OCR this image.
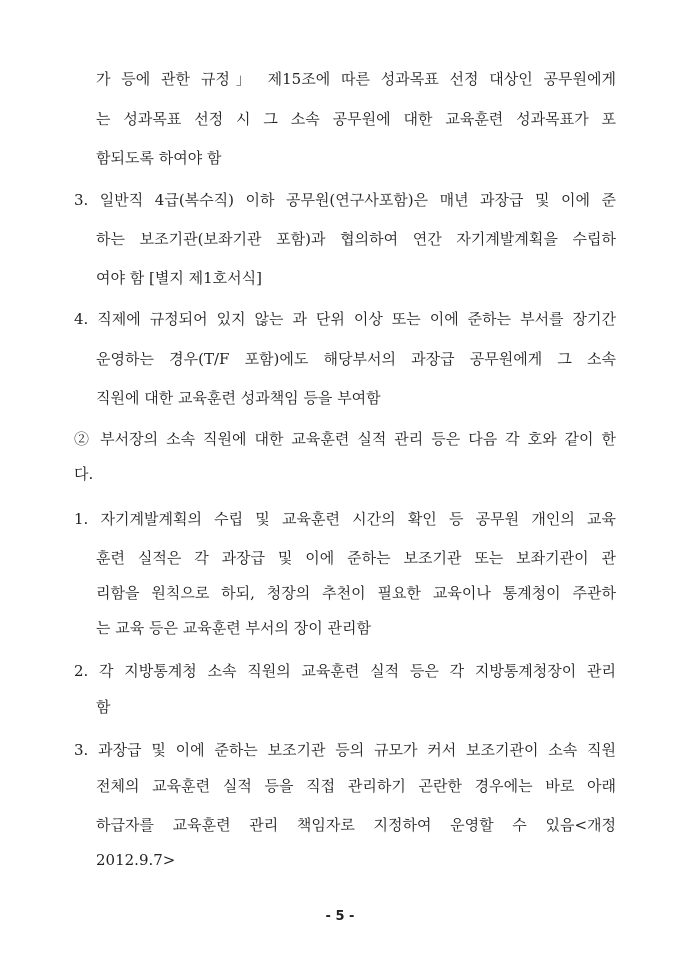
가 등에 관한 규정」 제15조에 따른 성과목표 선정 대상인 공무원에게
는 성과목표 선정 시 그 소속 공무원에 대한 교육훈련 성과목표가 포
함되도록 하여야 함
3. 일반직 4급(복수직) 이하 공무원(연구사포함)은 매년 과장급 및 이에 준
하는 보조기관(보좌기관 포함)과 협의하여 연간 자기계발계획을 수립하
여야 함 [별지 제1호서식]
4. 직제에 규정되어 있지 않는 과 단위 이상 또는 이에 준하는 부서를 장기간
운영하는 경우(T/F 포함)에도 해당부서의 과장급 공무원에게 그 소속
직원에 대한 교육훈련 성과책임 등을 부여함
② 부서장의 소속 직원에 대한 교육훈련 실적 관리 등은 다음 각 호와 같이 한
다.
1. 자기계발계획의 수립 및 교육훈련 시간의 확인 등 공무원 개인의 교육
훈련 실적은 각 과장급 및 이에 준하는 보조기관 또는 보좌기관이 관
리함을 원칙으로 하되, 청장의 추천이 필요한 교육이나 통계청이 주관하
는 교육 등은 교육훈련 부서의 장이 관리함
2. 각 지방통계청 소속 직원의 교육훈련 실적 등은 각 지방통계청장이 관리
함
3. 과장급 및 이에 준하는 보조기관 등의 규모가 커서 보조기관이 소속 직원
전체의 교육훈련 실적 등을 직접 관리하기 곤란한 경우에는 바로 아래
하급자를 교육훈련 관리 책임자로 지정하여 운영할 수 있음<개정
2012.9.7>
- 5 -
